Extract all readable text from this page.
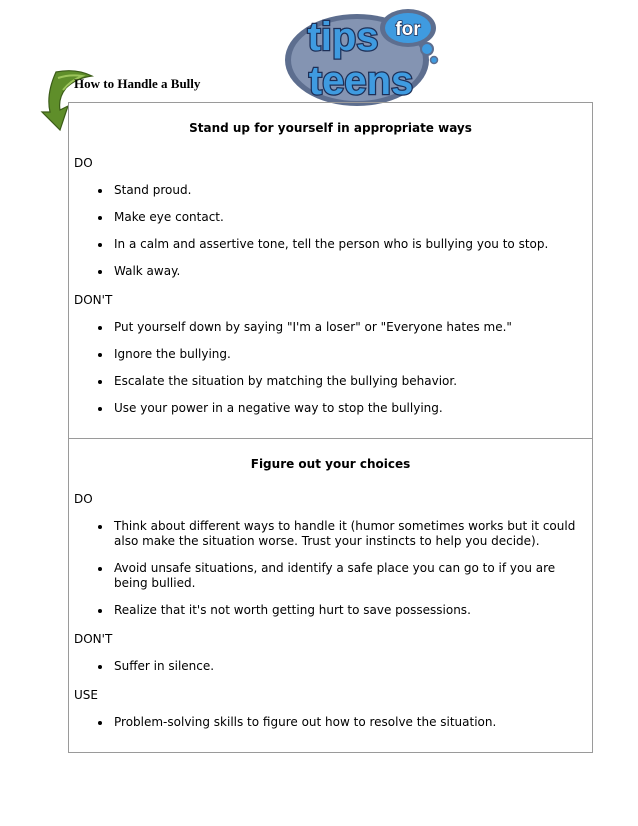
tips for
teens
How to Handle a Bully
Stand up for yourself in appropriate ways
DO
Stand proud.
Make eye contact.
In a calm and assertive tone, tell the person who is bullying you to stop.
Walk away.
DON'T
Put yourself down by saying "I'm a loser" or "Everyone hates me."
Ignore the bullying.
Escalate the situation by matching the bullying behavior.
Use your power in a negative way to stop the bullying.
Figure out your choices
DO
Think about different ways to handle it (humor sometimes works but it could also make the situation worse. Trust your instincts to help you decide).
Avoid unsafe situations, and identify a safe place you can go to if you are being bullied.
Realize that it's not worth getting hurt to save possessions.
DON'T
Suffer in silence.
USE
Problem-solving skills to figure out how to resolve the situation.
